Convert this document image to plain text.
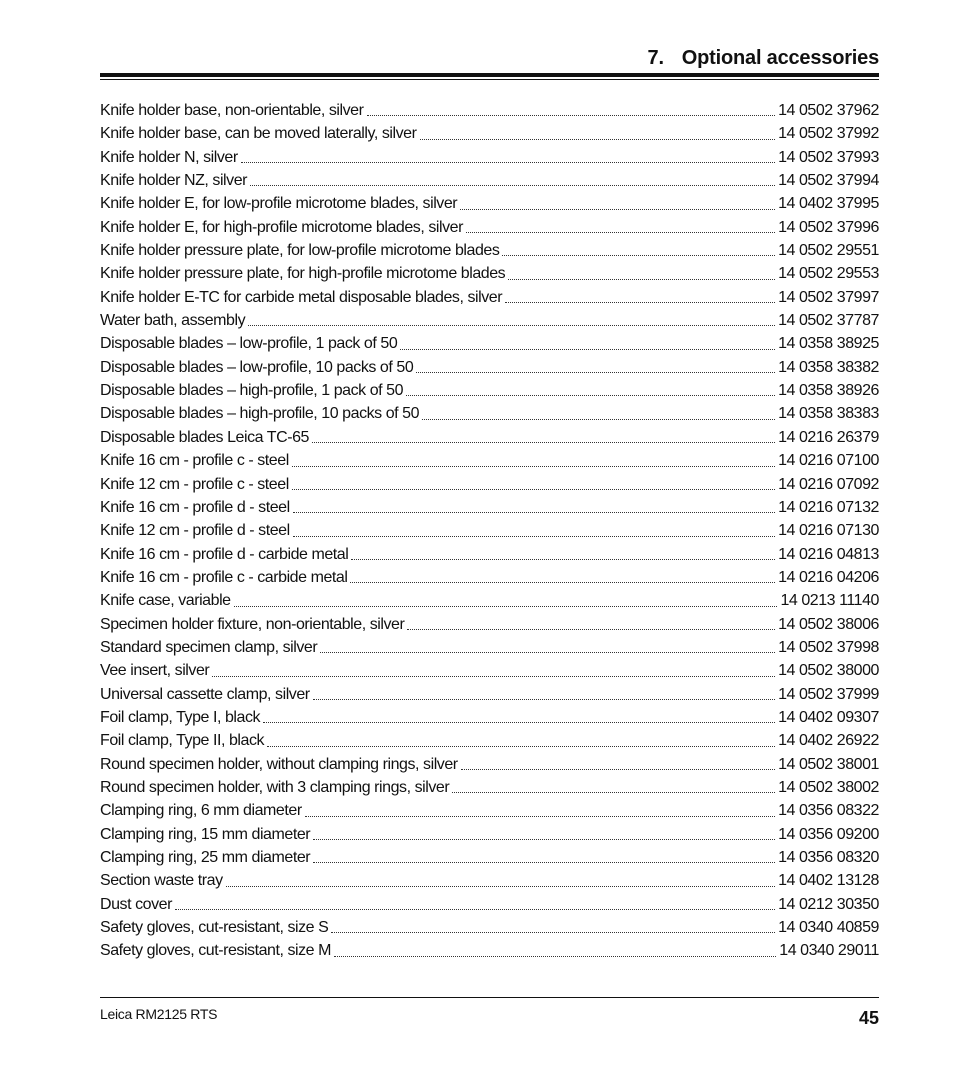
7. Optional accessories
Knife holder base, non-orientable, silver	14 0502 37962
Knife holder base, can be moved laterally, silver	14 0502 37992
Knife holder N, silver	14 0502 37993
Knife holder NZ, silver	14 0502 37994
Knife holder E, for low-profile microtome blades, silver	14 0402 37995
Knife holder E, for high-profile microtome blades, silver	14 0502 37996
Knife holder pressure plate, for low-profile microtome blades	14 0502 29551
Knife holder pressure plate, for high-profile microtome blades	14 0502 29553
Knife holder E-TC for carbide metal disposable blades, silver	14 0502 37997
Water bath, assembly	14 0502 37787
Disposable blades – low-profile, 1 pack of 50	14 0358 38925
Disposable blades – low-profile, 10 packs of 50	14 0358 38382
Disposable blades – high-profile, 1 pack of 50	14 0358 38926
Disposable blades – high-profile, 10 packs of 50	14 0358 38383
Disposable blades Leica TC-65	14 0216 26379
Knife 16 cm - profile c - steel	14 0216 07100
Knife 12 cm - profile c - steel	14 0216 07092
Knife 16 cm - profile d - steel	14 0216 07132
Knife 12 cm - profile d - steel	14 0216 07130
Knife 16 cm - profile d - carbide metal	14 0216 04813
Knife 16 cm - profile c - carbide metal	14 0216 04206
Knife case, variable	14 0213 11140
Specimen holder fixture, non-orientable, silver	14 0502 38006
Standard specimen clamp, silver	14 0502 37998
Vee insert, silver	14 0502 38000
Universal cassette clamp, silver	14 0502 37999
Foil clamp, Type I, black	14 0402 09307
Foil clamp, Type II, black	14 0402 26922
Round specimen holder, without clamping rings, silver	14 0502 38001
Round specimen holder, with 3 clamping rings, silver	14 0502 38002
Clamping ring, 6 mm diameter	14 0356 08322
Clamping ring, 15 mm diameter	14 0356 09200
Clamping ring, 25 mm diameter	14 0356 08320
Section waste tray	14 0402 13128
Dust cover	14 0212 30350
Safety gloves, cut-resistant, size S	14 0340 40859
Safety gloves, cut-resistant, size M	14 0340 29011
Leica RM2125 RTS	45
